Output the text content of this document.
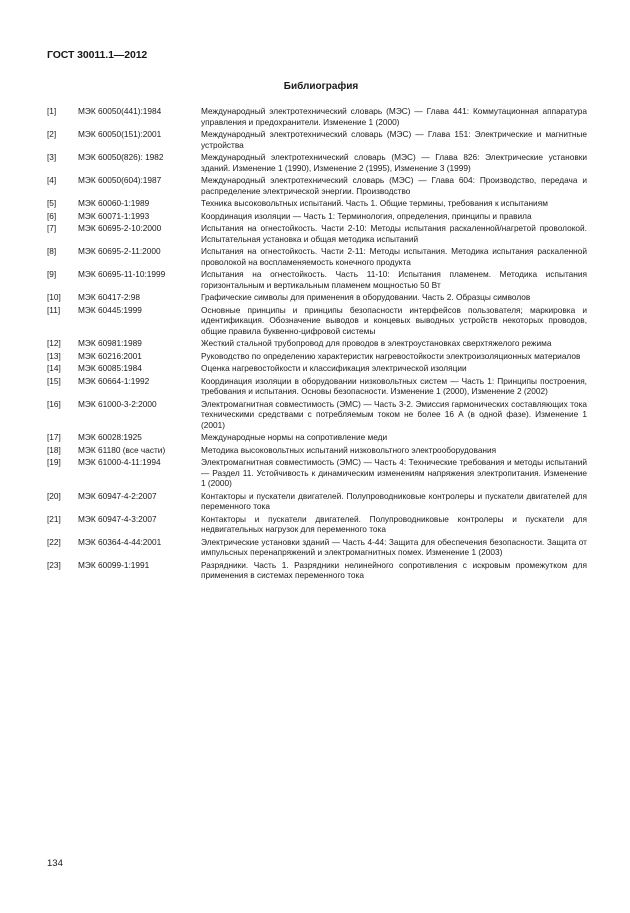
ГОСТ 30011.1—2012
Библиография
[1]	МЭК 60050(441):1984	Международный электротехнический словарь (МЭС) — Глава 441: Коммутационная аппаратура управления и предохранители. Изменение 1 (2000)
[2]	МЭК 60050(151):2001	Международный электротехнический словарь (МЭС) — Глава 151: Электрические и магнитные устройства
[3]	МЭК 60050(826): 1982	Международный электротехнический словарь (МЭС) — Глава 826: Электрические установки зданий. Изменение 1 (1990), Изменение 2 (1995), Изменение 3 (1999)
[4]	МЭК 60050(604):1987	Международный электротехнический словарь (МЭС) — Глава 604: Производство, передача и распределение электрической энергии. Производство
[5]	МЭК 60060-1:1989	Техника высоковольтных испытаний. Часть 1. Общие термины, требования к испытаниям
[6]	МЭК 60071-1:1993	Координация изоляции — Часть 1: Терминология, определения, принципы и правила
[7]	МЭК 60695-2-10:2000	Испытания на огнестойкость. Части 2-10: Методы испытания раскаленной/нагретой проволокой. Испытательная установка и общая методика испытаний
[8]	МЭК 60695-2-11:2000	Испытания на огнестойкость. Части 2-11: Методы испытания. Методика испытания раскаленной проволокой на воспламеняемость конечного продукта
[9]	МЭК 60695-11-10:1999	Испытания на огнестойкость. Часть 11-10: Испытания пламенем. Методика испытания горизонтальным и вертикальным пламенем мощностью 50 Вт
[10]	МЭК 60417-2:98	Графические символы для применения в оборудовании. Часть 2. Образцы символов
[11]	МЭК 60445:1999	Основные принципы и принципы безопасности интерфейсов пользователя; маркировка и идентификация. Обозначение выводов и концевых выводных устройств некоторых проводов, общие правила буквенно-цифровой системы
[12]	МЭК 60981:1989	Жесткий стальной трубопровод для проводов в электроустановках сверхтяжелого режима
[13]	МЭК 60216:2001	Руководство по определению характеристик нагревостойкости электроизоляционных материалов
[14]	МЭК 60085:1984	Оценка нагревостойкости и классификация электрической изоляции
[15]	МЭК 60664-1:1992	Координация изоляции в оборудовании низковольтных систем — Часть 1: Принципы построения, требования и испытания. Основы безопасности. Изменение 1 (2000), Изменение 2 (2002)
[16]	МЭК 61000-3-2:2000	Электромагнитная совместимость (ЭМС) — Часть 3-2. Эмиссия гармонических составляющих тока техническими средствами с потребляемым током не более 16 А (в одной фазе). Изменение 1 (2001)
[17]	МЭК 60028:1925	Международные нормы на сопротивление меди
[18]	МЭК 61180 (все части)	Методика высоковольтных испытаний низковольтного электрооборудования
[19]	МЭК 61000-4-11:1994	Электромагнитная совместимость (ЭМС) — Часть 4: Технические требования и методы испытаний — Раздел 11. Устойчивость к динамическим изменениям напряжения электропитания. Изменение 1 (2000)
[20]	МЭК 60947-4-2:2007	Контакторы и пускатели двигателей. Полупроводниковые контролеры и пускатели двигателей для переменного тока
[21]	МЭК 60947-4-3:2007	Контакторы и пускатели двигателей. Полупроводниковые контролеры и пускатели для недвигательных нагрузок для переменного тока
[22]	МЭК 60364-4-44:2001	Электрические установки зданий — Часть 4-44: Защита для обеспечения безопасности. Защита от импульсных перенапряжений и электромагнитных помех. Изменение 1 (2003)
[23]	МЭК 60099-1:1991	Разрядники. Часть 1. Разрядники нелинейного сопротивления с искровым промежутком для применения в системах переменного тока
134
